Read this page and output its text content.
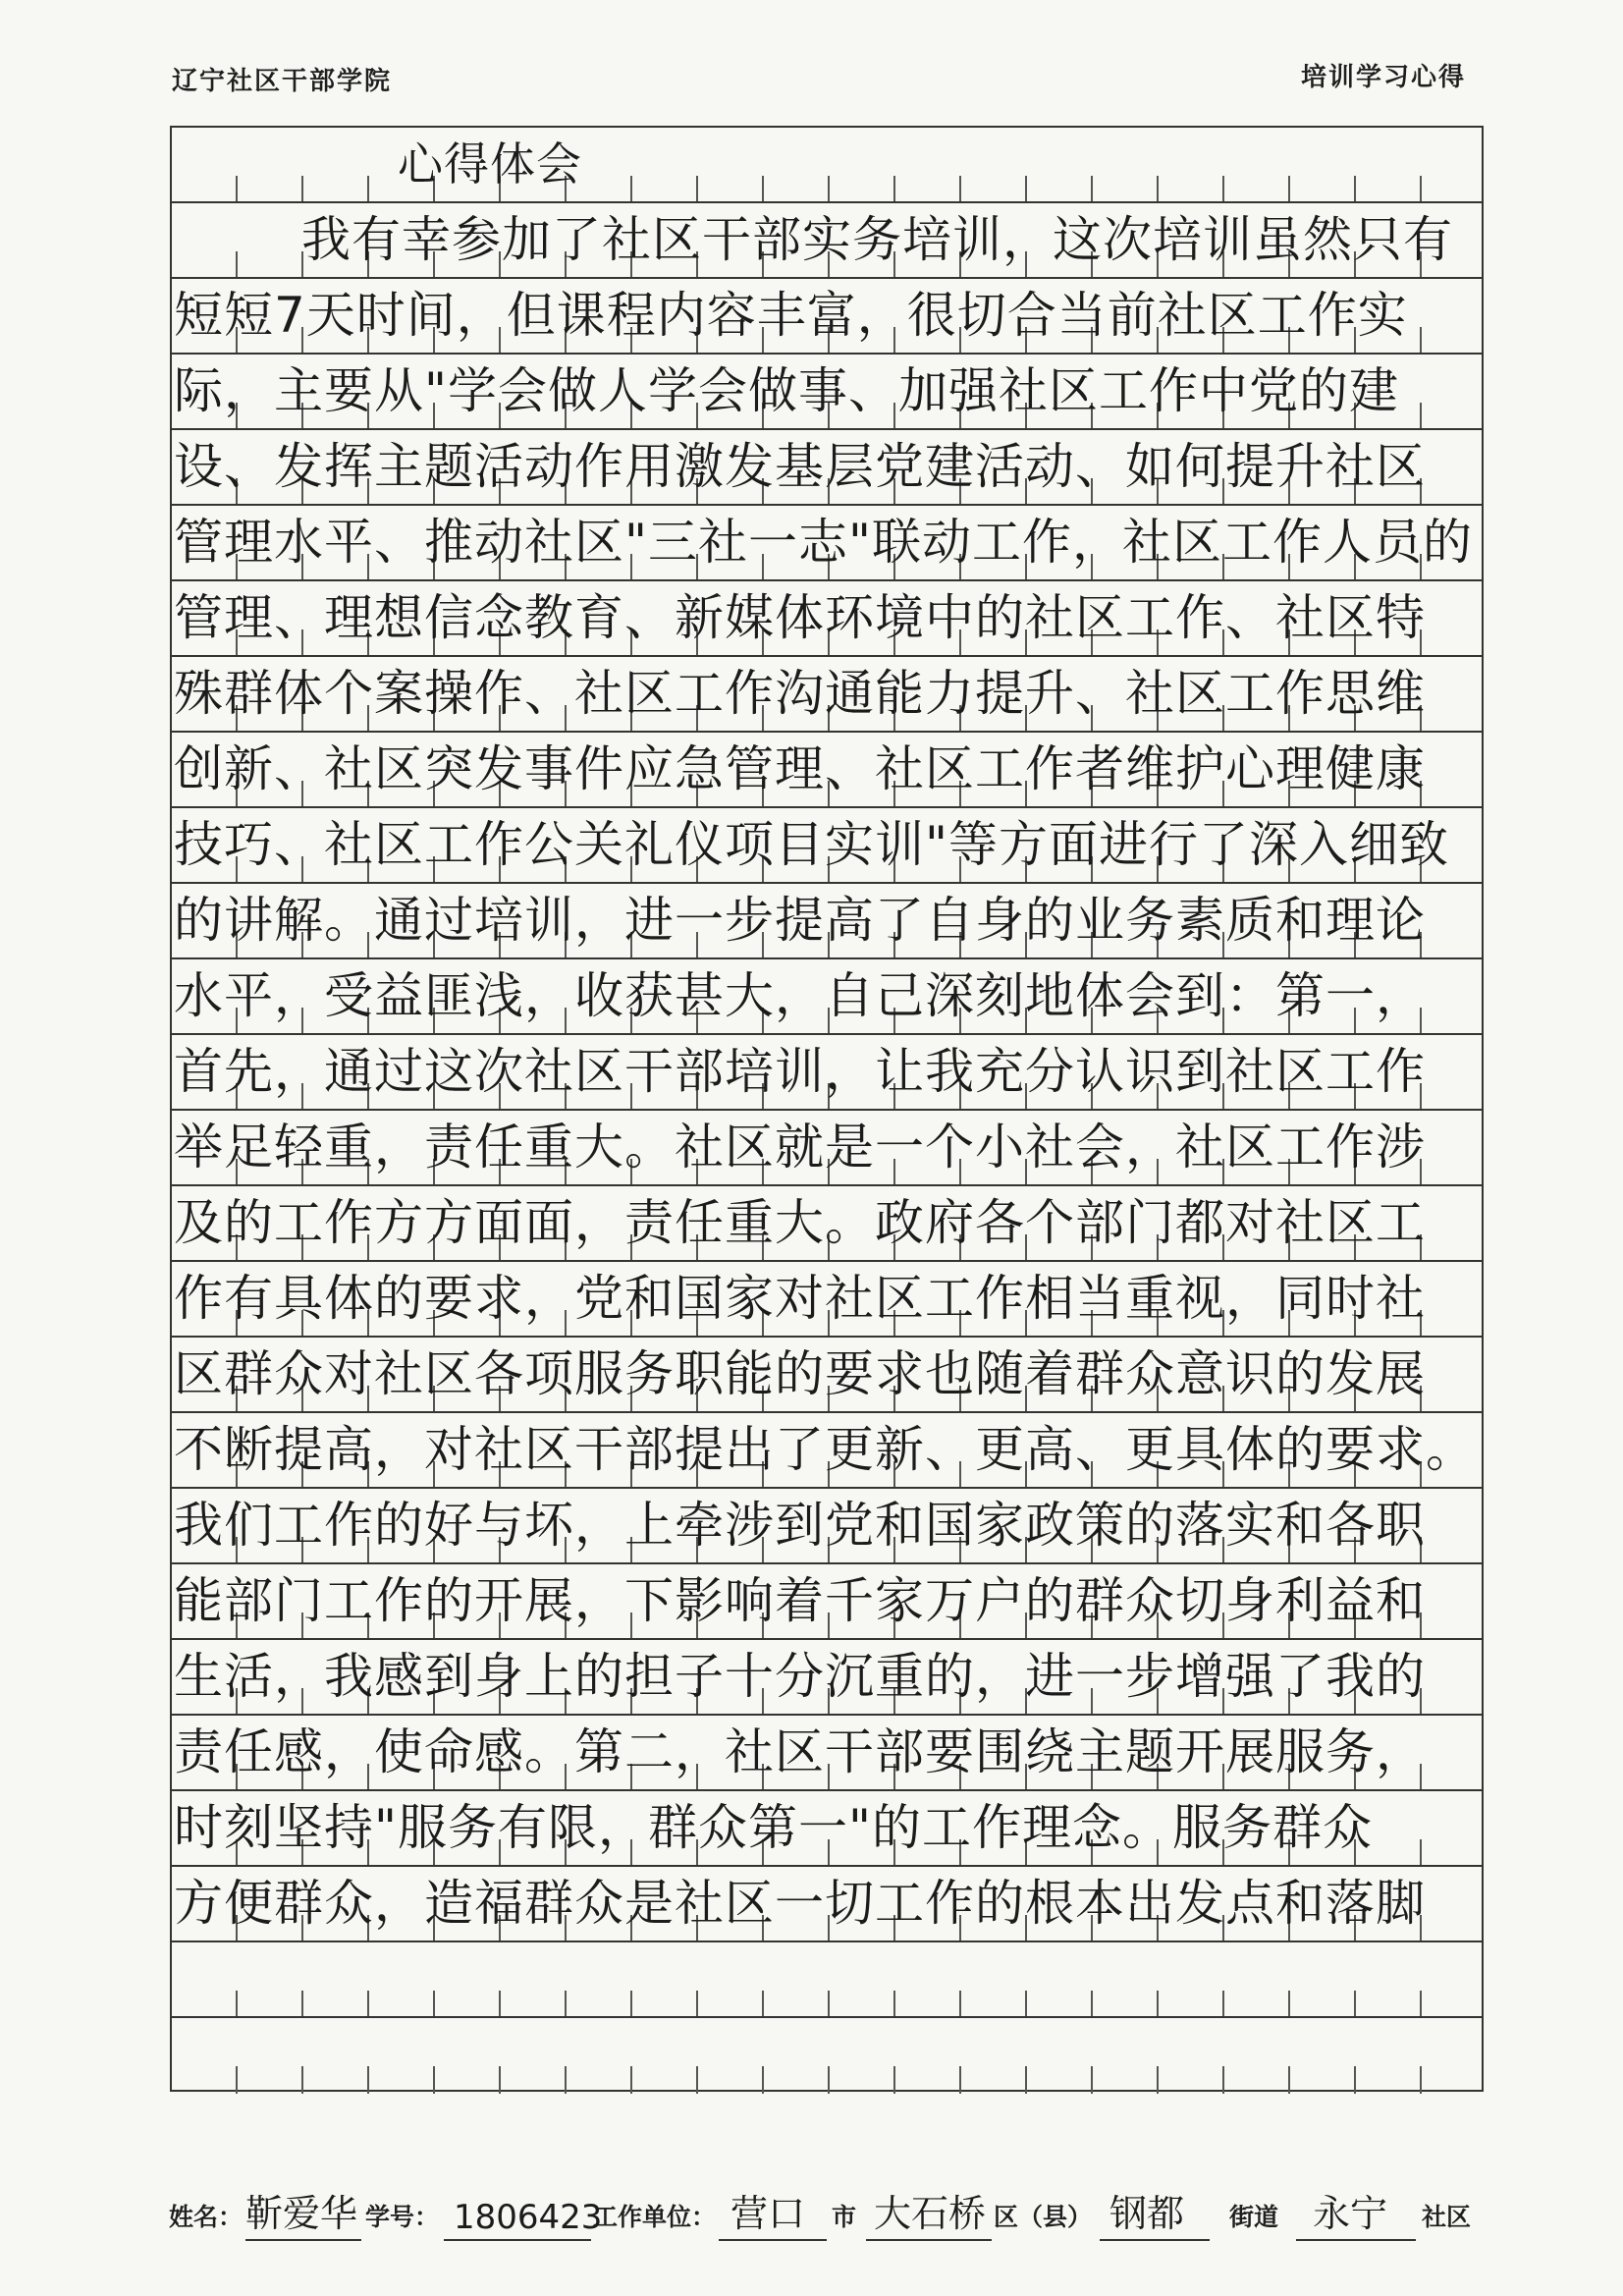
辽宁社区干部学院	培训学习心得
心得体会
我有幸参加了社区干部实务培训，这次培训虽然只有
短短7天时间，但课程内容丰富，很切合当前社区工作实
际，主要从"学会做人学会做事、加强社区工作中党的建
设、发挥主题活动作用激发基层党建活动、如何提升社区
管理水平、推动社区"三社一志"联动工作，社区工作人员的
管理、理想信念教育、新媒体环境中的社区工作、社区特
殊群体个案操作、社区工作沟通能力提升、社区工作思维
创新、社区突发事件应急管理、社区工作者维护心理健康
技巧、社区工作公关礼仪项目实训"等方面进行了深入细致
的讲解。通过培训，进一步提高了自身的业务素质和理论
水平，受益匪浅，收获甚大，自己深刻地体会到：第一，
首先，通过这次社区干部培训，让我充分认识到社区工作
举足轻重，责任重大。社区就是一个小社会，社区工作涉
及的工作方方面面，责任重大。政府各个部门都对社区工
作有具体的要求，党和国家对社区工作相当重视，同时社
区群众对社区各项服务职能的要求也随着群众意识的发展
不断提高，对社区干部提出了更新、更高、更具体的要求。
我们工作的好与坏，上牵涉到党和国家政策的落实和各职
能部门工作的开展，下影响着千家万户的群众切身利益和
生活，我感到身上的担子十分沉重的，进一步增强了我的
责任感，使命感。第二，社区干部要围绕主题开展服务，
时刻坚持"服务有限，群众第一"的工作理念。服务群众
方便群众，造福群众是社区一切工作的根本出发点和落脚
姓名： 靳爱华 学号： 1806423
工作单位： 营口 市 大石桥 区（县） 钢都 街道 永宁 社区
